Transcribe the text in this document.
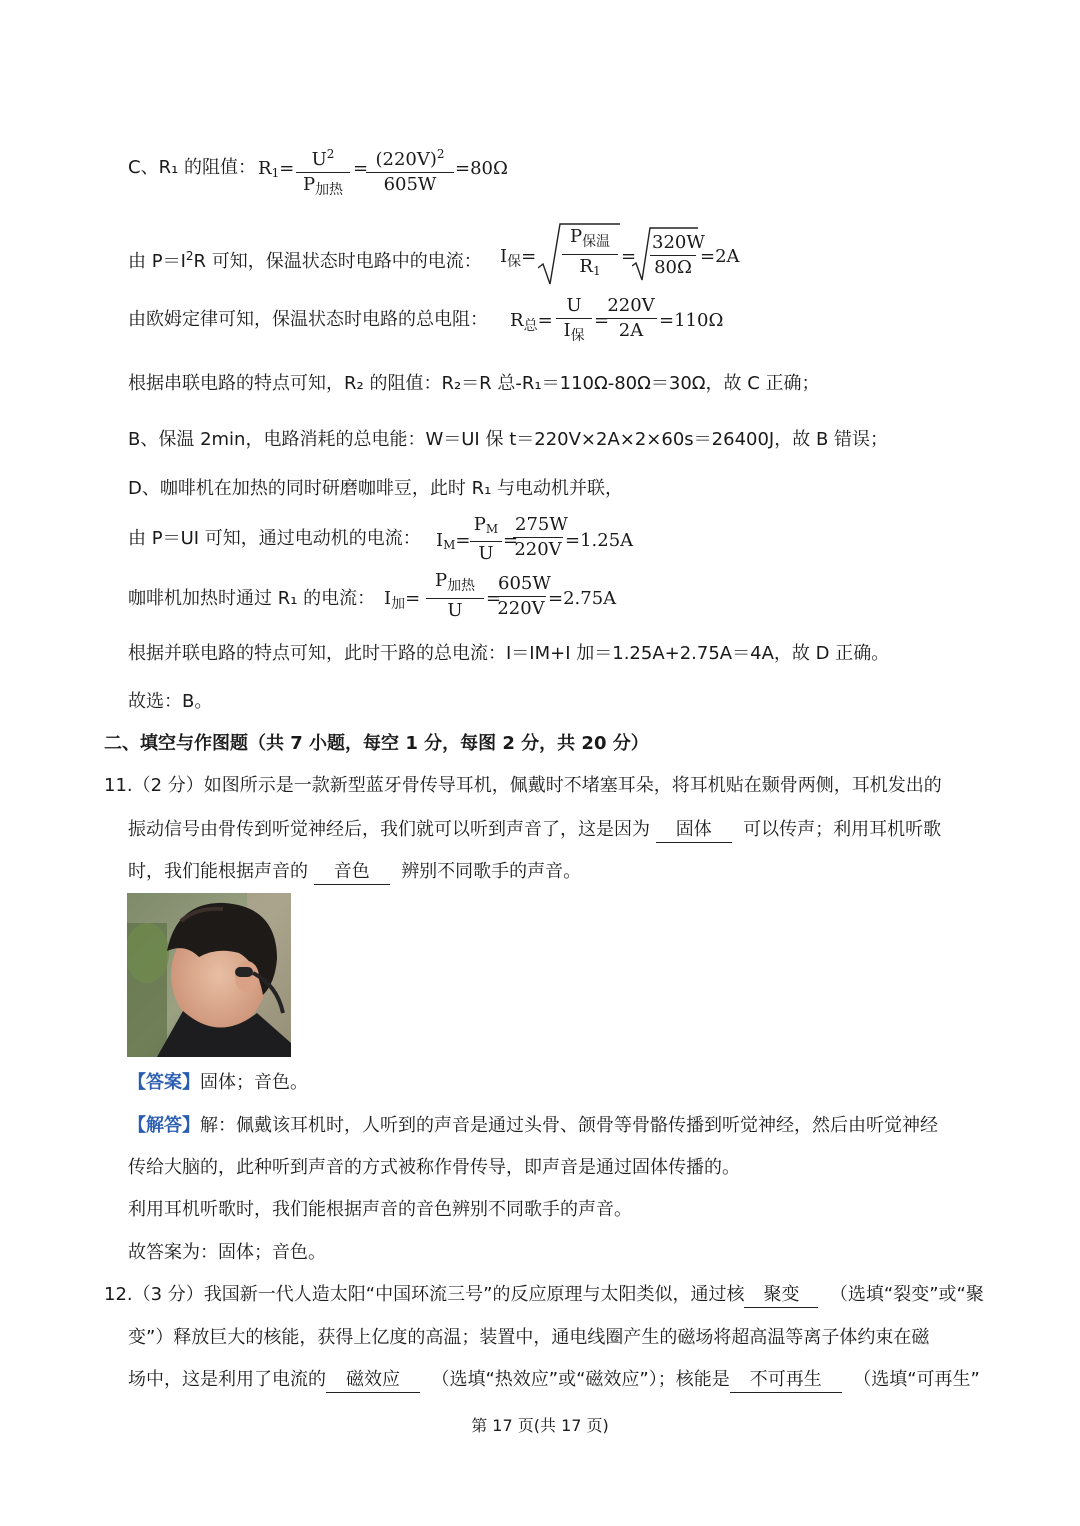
C、R₁ 的阻值： $R_1= U^2$
$P_{加热}$
=
$\frac{(220V)^2}{605W} =80\Omega$
由 $P=I^2R$ 可知，保温状态时电路中的电流： $I_保=$
$P_{保温}$
$R_1$
= $\frac{320W}{80\Omega} =2A$
由欧姆定律可知，保温状态时电路的总电阻： $R_总=$
U
$I_保$
=
$\frac{220V}{2A} =110\Omega$
根据串联电路的特点可知，R₂ 的阻值：R₂＝R 总-R₁＝110Ω-80Ω＝30Ω，故 C 正确；
B、保温 2min，电路消耗的总电能：W＝UI 保 t＝220V×2A×2×60s＝26400J，故 B 错误；
D、咖啡机在加热的同时研磨咖啡豆，此时 R₁ 与电动机并联，
由 P＝UI 可知，通过电动机的电流： $I_M= \frac{P_M}{U}$ =
$\frac{275W}{220V} =1.25A$
咖啡机加热时通过 R₁ 的电流： $I_加=$
$P_{加热}$
U
=
$\frac{605W}{220V} =2.75A$
根据并联电路的特点可知，此时干路的总电流：I＝IM+I 加＝1.25A+2.75A＝4A，故 D 正确。
故选：B。
二、填空与作图题（共 7 小题，每空 1 分，每图 2 分，共 20 分）
11.（2 分）如图所示是一款新型蓝牙骨传导耳机，佩戴时不堵塞耳朵，将耳机贴在颞骨两侧，耳机发出的
振动信号由骨传到听觉神经后，我们就可以听到声音了，这是因为 固体 可以传声；利用耳机听歌
时，我们能根据声音的 音色 辨别不同歌手的声音。
【答案】固体；音色。
【解答】解：佩戴该耳机时，人听到的声音是通过头骨、颌骨等骨骼传播到听觉神经，然后由听觉神经
传给大脑的，此种听到声音的方式被称作骨传导，即声音是通过固体传播的。
利用耳机听歌时，我们能根据声音的音色辨别不同歌手的声音。
故答案为：固体；音色。
12.（3 分）我国新一代人造太阳“中国环流三号”的反应原理与太阳类似，通过核 聚变 （选填“裂变”或“聚
变”）释放巨大的核能，获得上亿度的高温；装置中，通电线圈产生的磁场将超高温等离子体约束在磁
场中，这是利用了电流的 磁效应 （选填“热效应”或“磁效应”）；核能是 不可再生 （选填“可再生”
第 17 页(共 17 页)
